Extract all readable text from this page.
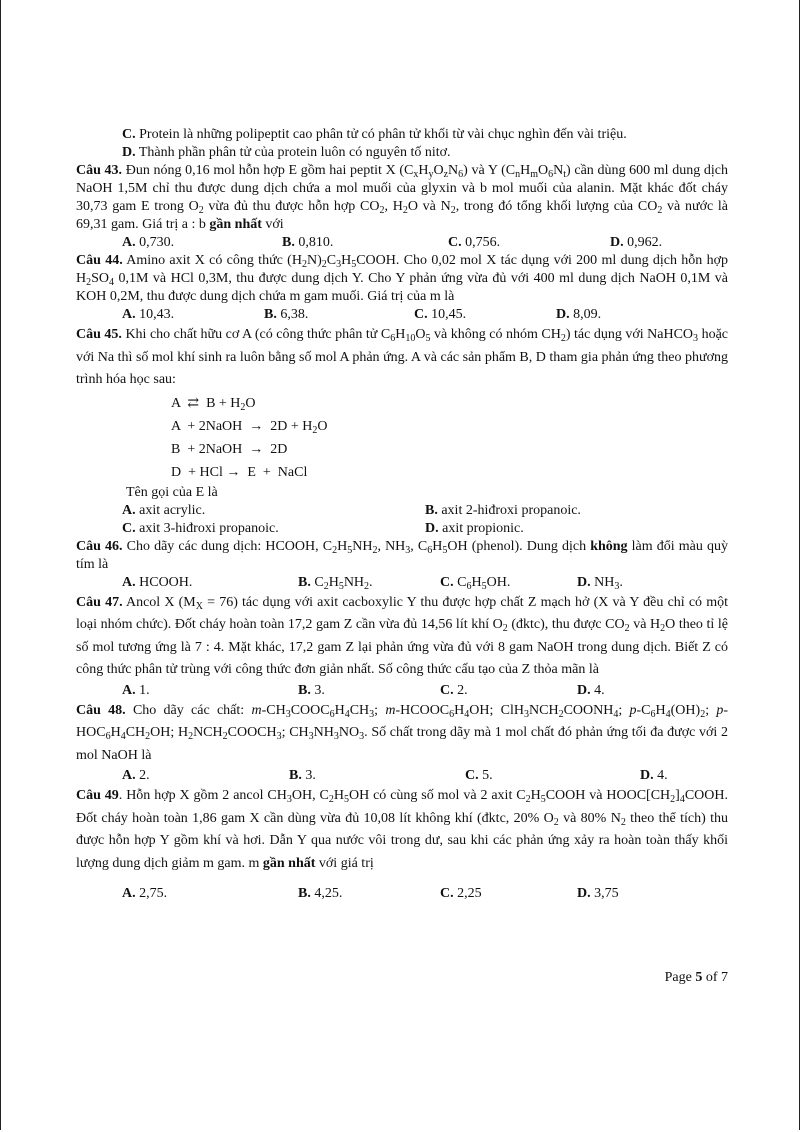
C. Protein là những polipeptit cao phân tử có phân tử khối từ vài chục nghìn đến vài triệu.

D. Thành phần phân tử của protein luôn có nguyên tố nitơ.

Câu 43. Đun nóng 0,16 mol hỗn hợp E gồm hai peptit X $(C_xH_yO_zN_6)$ và Y $(C_nH_mO_6N_t)$ cần dùng 600 ml dung dịch NaOH 1,5M chỉ thu được dung dịch chứa a mol muối của glyxin và b mol muối của alanin. Mặt khác đốt cháy 30,73 gam E trong $O_2$ vừa đủ thu được hỗn hợp $CO_2$, $H_2O$ và $N_2$, trong đó tổng khối lượng của $CO_2$ và nước là 69,31 gam. Giá trị a : b gần nhất với

A. 0,730.	B. 0,810.	C. 0,756.	D. 0,962.

Câu 44. Amino axit X có công thức $(H_2N)_2C_3H_5COOH$. Cho 0,02 mol X tác dụng với 200 ml dung dịch hỗn hợp $H_2SO_4$ 0,1M và HCl 0,3M, thu được dung dịch Y. Cho Y phản ứng vừa đủ với 400 ml dung dịch NaOH 0,1M và KOH 0,2M, thu được dung dịch chứa m gam muối. Giá trị của m là

A. 10,43.	B. 6,38.	C. 10,45.	D. 8,09.

Câu 45. Khi cho chất hữu cơ A (có công thức phân tử $C_6H_{10}O_5$ và không có nhóm $CH_2$) tác dụng với NaHCO$_3$ hoặc với Na thì số mol khí sinh ra luôn bằng số mol A phản ứng. A và các sản phẩm B, D tham gia phản ứng theo phương trình hóa học sau:

A  ⇄  $B + H_2O$
A  + 2NaOH  →  $2D + H_2O$
B  + 2NaOH  →  2D
D  + HCl →  E  +  NaCl

Tên gọi của E là

A. axit acrylic.	B. axit 2-hiđroxi propanoic.
C. axit 3-hiđroxi propanoic.	D. axit propionic.

Câu 46. Cho dãy các dung dịch: HCOOH, $C_2H_5NH_2$, $NH_3$, $C_6H_5OH$ (phenol). Dung dịch không làm đổi màu quỳ tím là

A. HCOOH.	B. $C_2H_5NH_2$.	C. $C_6H_5OH$.	D. $NH_3$.

Câu 47. Ancol X $(M_X = 76)$ tác dụng với axit cacboxylic Y thu được hợp chất Z mạch hở (X và Y đều chỉ có một loại nhóm chức). Đốt cháy hoàn toàn 17,2 gam Z cần vừa đủ 14,56 lít khí $O_2$ (đktc), thu được $CO_2$ và $H_2O$ theo tỉ lệ số mol tương ứng là 7 : 4. Mặt khác, 17,2 gam Z lại phản ứng vừa đủ với 8 gam NaOH trong dung dịch. Biết Z có công thức phân tử trùng với công thức đơn giản nhất. Số công thức cấu tạo của Z thỏa mãn là

A. 1.	B. 3.	C. 2.	D. 4.

Câu 48. Cho dãy các chất: $m-CH_3COOC_6H_4CH_3$; $m-HCOOC_6H_4OH$; $ClH_3NCH_2COONH_4$; $p-C_6H_4(OH)_2$; $p-HOC_6H_4CH_2OH$; $H_2NCH_2COOCH_3$; $CH_3NH_3NO_3$. Số chất trong dãy mà 1 mol chất đó phản ứng tối đa được với 2 mol NaOH là

A. 2.	B. 3.	C. 5.	D. 4.

Câu 49. Hỗn hợp X gồm 2 ancol $CH_3OH$, $C_2H_5OH$ có cùng số mol và 2 axit $C_2H_5COOH$ và $HOOC[CH_2]_4COOH$. Đốt cháy hoàn toàn 1,86 gam X cần dùng vừa đủ 10,08 lít không khí (đktc, 20% $O_2$ và 80% $N_2$ theo thể tích) thu được hỗn hợp Y gồm khí và hơi. Dẫn Y qua nước vôi trong dư, sau khi các phản ứng xảy ra hoàn toàn thấy khối lượng dung dịch giảm m gam. m gần nhất với giá trị

A. 2,75.	B. 4,25.	C. 2,25	D. 3,75
Page 5 of 7
